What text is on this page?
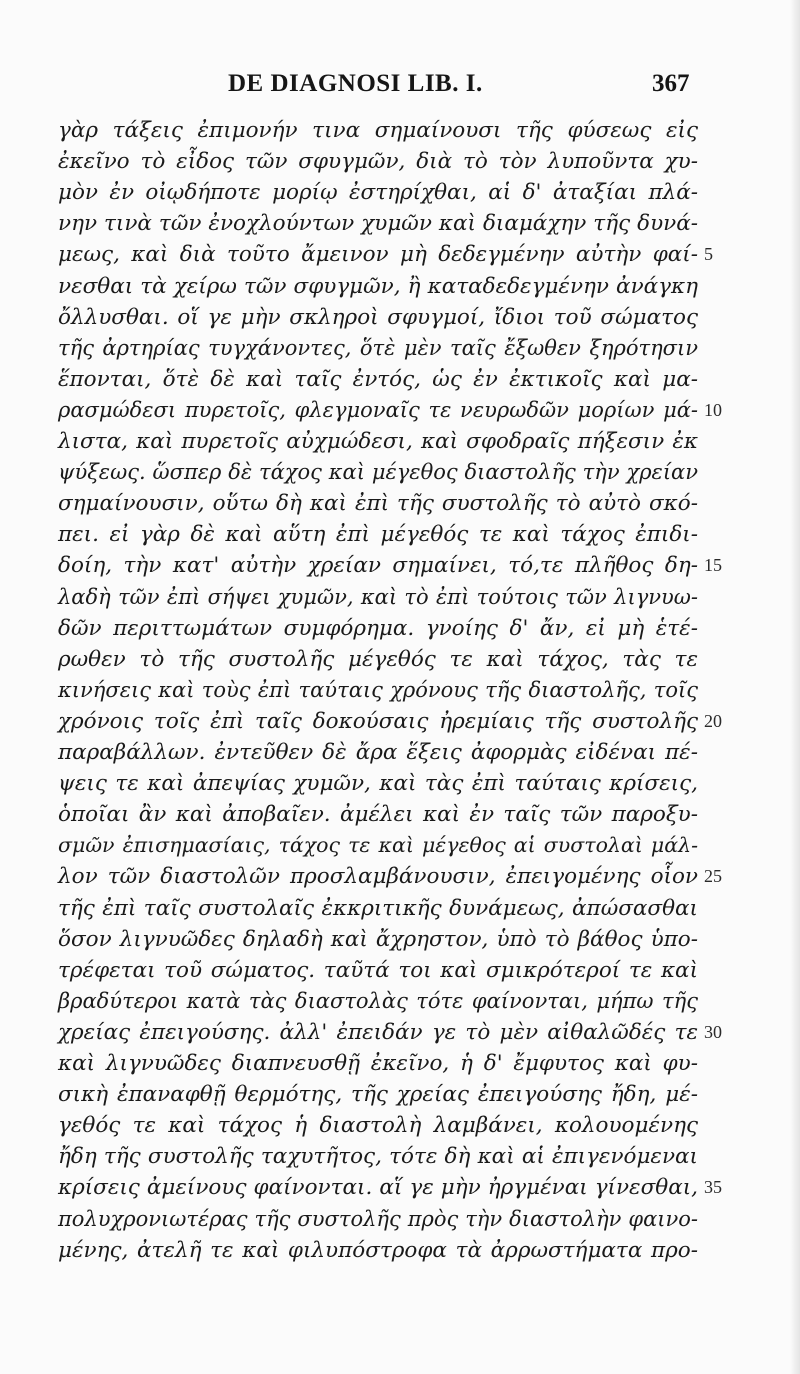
DE DIAGNOSI LIB. I.	367
γὰρ τάξεις ἐπιμονήν τινα σημαίνουσι τῆς φύσεως εἰς
ἐκεῖνο τὸ εἶδος τῶν σφυγμῶν, διὰ τὸ τὸν λυποῦντα χυ-
μὸν ἐν οἰῳδήποτε μορίῳ ἐστηρίχθαι, αἱ δ' ἀταξίαι πλά-
νην τινὰ τῶν ἐνοχλούντων χυμῶν καὶ διαμάχην τῆς δυνά-
μεως, καὶ διὰ τοῦτο ἄμεινον μὴ δεδεγμένην αὐτὴν φαί- 5
νεσθαι τὰ χείρω τῶν σφυγμῶν, ἢ καταδεδεγμένην ἀνάγκη
ὄλλυσθαι. οἵ γε μὴν σκληροὶ σφυγμοί, ἴδιοι τοῦ σώματος
τῆς ἀρτηρίας τυγχάνοντες, ὅτὲ μὲν ταῖς ἔξωθεν ξηρότησιν
ἕπονται, ὅτὲ δὲ καὶ ταῖς ἐντός, ὡς ἐν ἐκτικοῖς καὶ μα-
ρασμώδεσι πυρετοῖς, φλεγμοναῖς τε νευρωδῶν μορίων μά- 10
λιστα, καὶ πυρετοῖς αὐχμώδεσι, καὶ σφοδραῖς πήξεσιν ἐκ
ψύξεως. ὥσπερ δὲ τάχος καὶ μέγεθος διαστολῆς τὴν χρείαν
σημαίνουσιν, οὕτω δὴ καὶ ἐπὶ τῆς συστολῆς τὸ αὐτὸ σκό-
πει. εἰ γὰρ δὲ καὶ αὕτη ἐπὶ μέγεθός τε καὶ τάχος ἐπιδι-
δοίη, τὴν κατ' αὐτὴν χρείαν σημαίνει, τό,τε πλῆθος δη- 15
λαδὴ τῶν ἐπὶ σήψει χυμῶν, καὶ τὸ ἐπὶ τούτοις τῶν λιγνυω-
δῶν περιττωμάτων συμφόρημα. γνοίης δ' ἄν, εἰ μὴ ἑτέ-
ρωθεν τὸ τῆς συστολῆς μέγεθός τε καὶ τάχος, τὰς τε
κινήσεις καὶ τοὺς ἐπὶ ταύταις χρόνους τῆς διαστολῆς, τοῖς
χρόνοις τοῖς ἐπὶ ταῖς δοκούσαις ἠρεμίαις τῆς συστολῆς 20
παραβάλλων. ἐντεῦθεν δὲ ἄρα ἕξεις ἀφορμὰς εἰδέναι πέ-
ψεις τε καὶ ἀπεψίας χυμῶν, καὶ τὰς ἐπὶ ταύταις κρίσεις,
ὁποῖαι ἂν καὶ ἀποβαῖεν. ἀμέλει καὶ ἐν ταῖς τῶν παροξυ-
σμῶν ἐπισημασίαις, τάχος τε καὶ μέγεθος αἱ συστολαὶ μάλ-
λον τῶν διαστολῶν προσλαμβάνουσιν, ἐπειγομένης οἷον 25
τῆς ἐπὶ ταῖς συστολαῖς ἐκκριτικῆς δυνάμεως, ἀπώσασθαι
ὅσον λιγνυῶδες δηλαδὴ καὶ ἄχρηστον, ὑπὸ τὸ βάθος ὑπο-
τρέφεται τοῦ σώματος. ταῦτά τοι καὶ σμικρότεροί τε καὶ
βραδύτεροι κατὰ τὰς διαστολὰς τότε φαίνονται, μήπω τῆς
χρείας ἐπειγούσης. ἀλλ' ἐπειδάν γε τὸ μὲν αἰθαλῶδές τε 30
καὶ λιγνυῶδες διαπνευσθῇ ἐκεῖνο, ἡ δ' ἔμφυτος καὶ φυ-
σικὴ ἐπαναφθῇ θερμότης, τῆς χρείας ἐπειγούσης ἤδη, μέ-
γεθός τε καὶ τάχος ἡ διαστολὴ λαμβάνει, κολουομένης
ἤδη τῆς συστολῆς ταχυτῆτος, τότε δὴ καὶ αἱ ἐπιγενόμεναι
κρίσεις ἀμείνους φαίνονται. αἵ γε μὴν ἠργμέναι γίνεσθαι, 35
πολυχρονιωτέρας τῆς συστολῆς πρὸς τὴν διαστολὴν φαινο-
μένης, ἀτελῆ τε καὶ φιλυπόστροφα τὰ ἀρρωστήματα προ-
